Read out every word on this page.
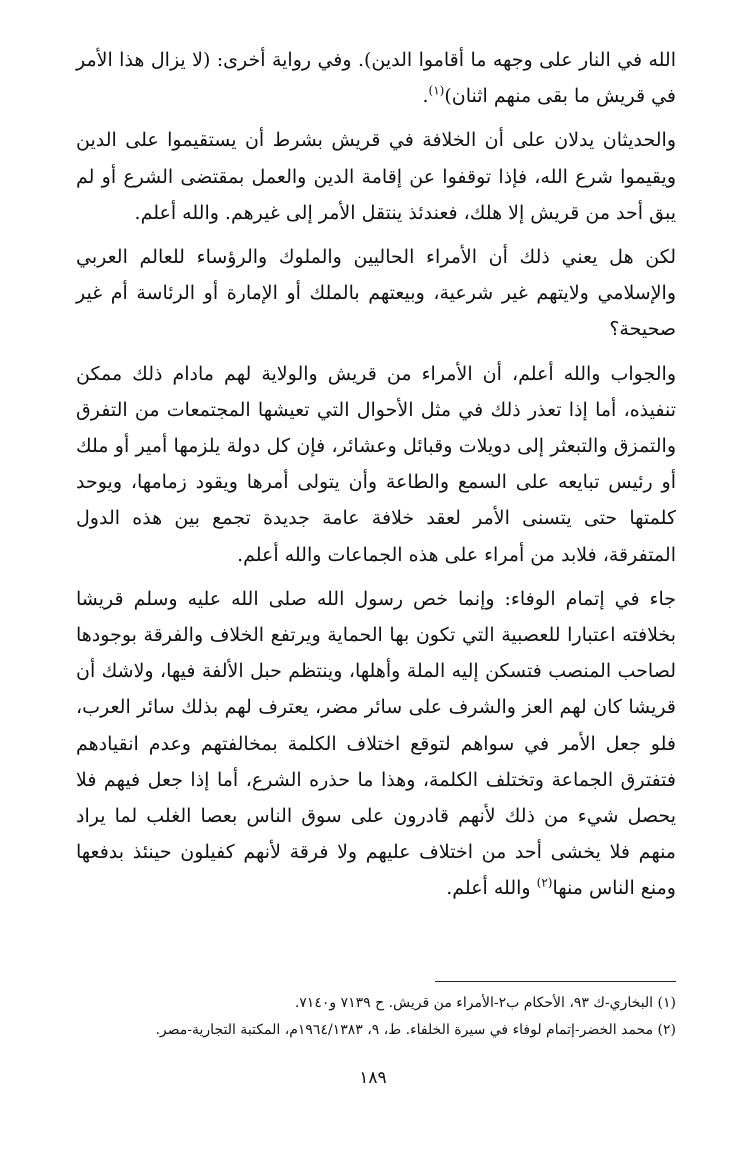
الله في النار على وجهه ما أقاموا الدين). وفي رواية أخرى: (لا يزال هذا الأمر في قريش ما بقى منهم اثنان)$^{(١)}$.

والحديثان يدلان على أن الخلافة في قريش بشرط أن يستقيموا على الدين ويقيموا شرع الله، فإذا توقفوا عن إقامة الدين والعمل بمقتضى الشرع أو لم يبق أحد من قريش إلا هلك، فعندئذ ينتقل الأمر إلى غيرهم. والله أعلم.

لكن هل يعني ذلك أن الأمراء الحاليين والملوك والرؤساء للعالم العربي والإسلامي ولايتهم غير شرعية، وبيعتهم بالملك أو الإمارة أو الرئاسة أم غير صحيحة؟

والجواب والله أعلم، أن الأمراء من قريش والولاية لهم مادام ذلك ممكن تنفيذه، أما إذا تعذر ذلك في مثل الأحوال التي تعيشها المجتمعات من التفرق والتمزق والتبعثر إلى دويلات وقبائل وعشائر، فإن كل دولة يلزمها أمير أو ملك أو رئيس تبايعه على السمع والطاعة وأن يتولى أمرها ويقود زمامها، ويوحد كلمتها حتى يتسنى الأمر لعقد خلافة عامة جديدة تجمع بين هذه الدول المتفرقة، فلابد من أمراء على هذه الجماعات والله أعلم.

جاء في إتمام الوفاء: وإنما خص رسول الله صلى الله عليه وسلم قريشا بخلافته اعتبارا للعصبية التي تكون بها الحماية ويرتفع الخلاف والفرقة بوجودها لصاحب المنصب فتسكن إليه الملة وأهلها، وينتظم حبل الألفة فيها، ولاشك أن قريشا كان لهم العز والشرف على سائر مضر، يعترف لهم بذلك سائر العرب، فلو جعل الأمر في سواهم لتوقع اختلاف الكلمة بمخالفتهم وعدم انقيادهم فتفترق الجماعة وتختلف الكلمة، وهذا ما حذره الشرع، أما إذا جعل فيهم فلا يحصل شيء من ذلك لأنهم قادرون على سوق الناس بعصا الغلب لما يراد منهم فلا يخشى أحد من اختلاف عليهم ولا فرقة لأنهم كفيلون حينئذ بدفعها ومنع الناس منها$^{(٢)}$ والله أعلم.

(١) البخاري-ك ٩٣، الأحكام ب٢-الأمراء من قريش. ح ٧١٣٩ و٧١٤٠.

(٢) محمد الخضر-إتمام لوفاء في سيرة الخلفاء. ط، ٩، ١٩٦٤/١٣٨٣م، المكتبة التجارية-مصر.

١٨٩
